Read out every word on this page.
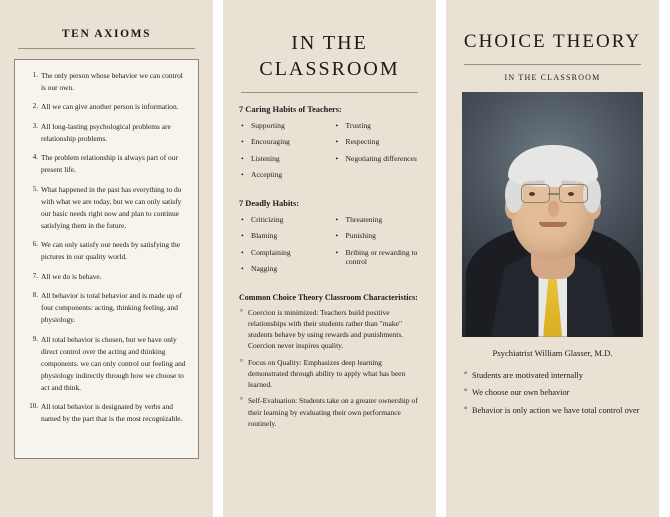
TEN AXIOMS
The only person whose behavior we can control is our own.
All we can give another person is information.
All long-lasting psychological problems are relationship problems.
The problem relationship is always part of our present life.
What happened in the past has everything to do with what we are today, but we can only satisfy our basic needs right now and plan to continue satisfying them in the future.
We can only satisfy our needs by satisfying the pictures in our quality world.
All we do is behave.
All behavior is total behavior and is made up of four components: acting, thinking feeling, and physiology.
All total behavior is chosen, but we have only direct control over the acting and thinking components. we can only control our feeling and physiology indirectly through how we choose to act and think.
All total behavior is designated by verbs and named by the part that is the most recognizable.
IN THE CLASSROOM
7 Caring Habits of Teachers:
• Supporting
• Encouraging
• Listening
• Accepting
• Trusting
• Respecting
• Negotiating differences
7 Deadly Habits:
• Criticizing
• Blaming
• Complaining
• Nagging
• Threatening
• Punishing
• Bribing or rewarding to control
Common Choice Theory Classroom Characteristics:
° Coercion is minimized: Teachers build positive relationships with their students rather than "make" students behave by using rewards and punishments. Coercion never inspires quality.
° Focus on Quality: Emphasizes deep learning demonstrated through ability to apply what has been learned.
° Self-Evaluation: Students take on a greater ownership of their learning by evaluating their own performance routinely.
CHOICE THEORY
IN THE CLASSROOM
Psychiatrist William Glasser, M.D.
° Students are motivated internally
° We choose our own behavior
° Behavior is only action we have total control over
